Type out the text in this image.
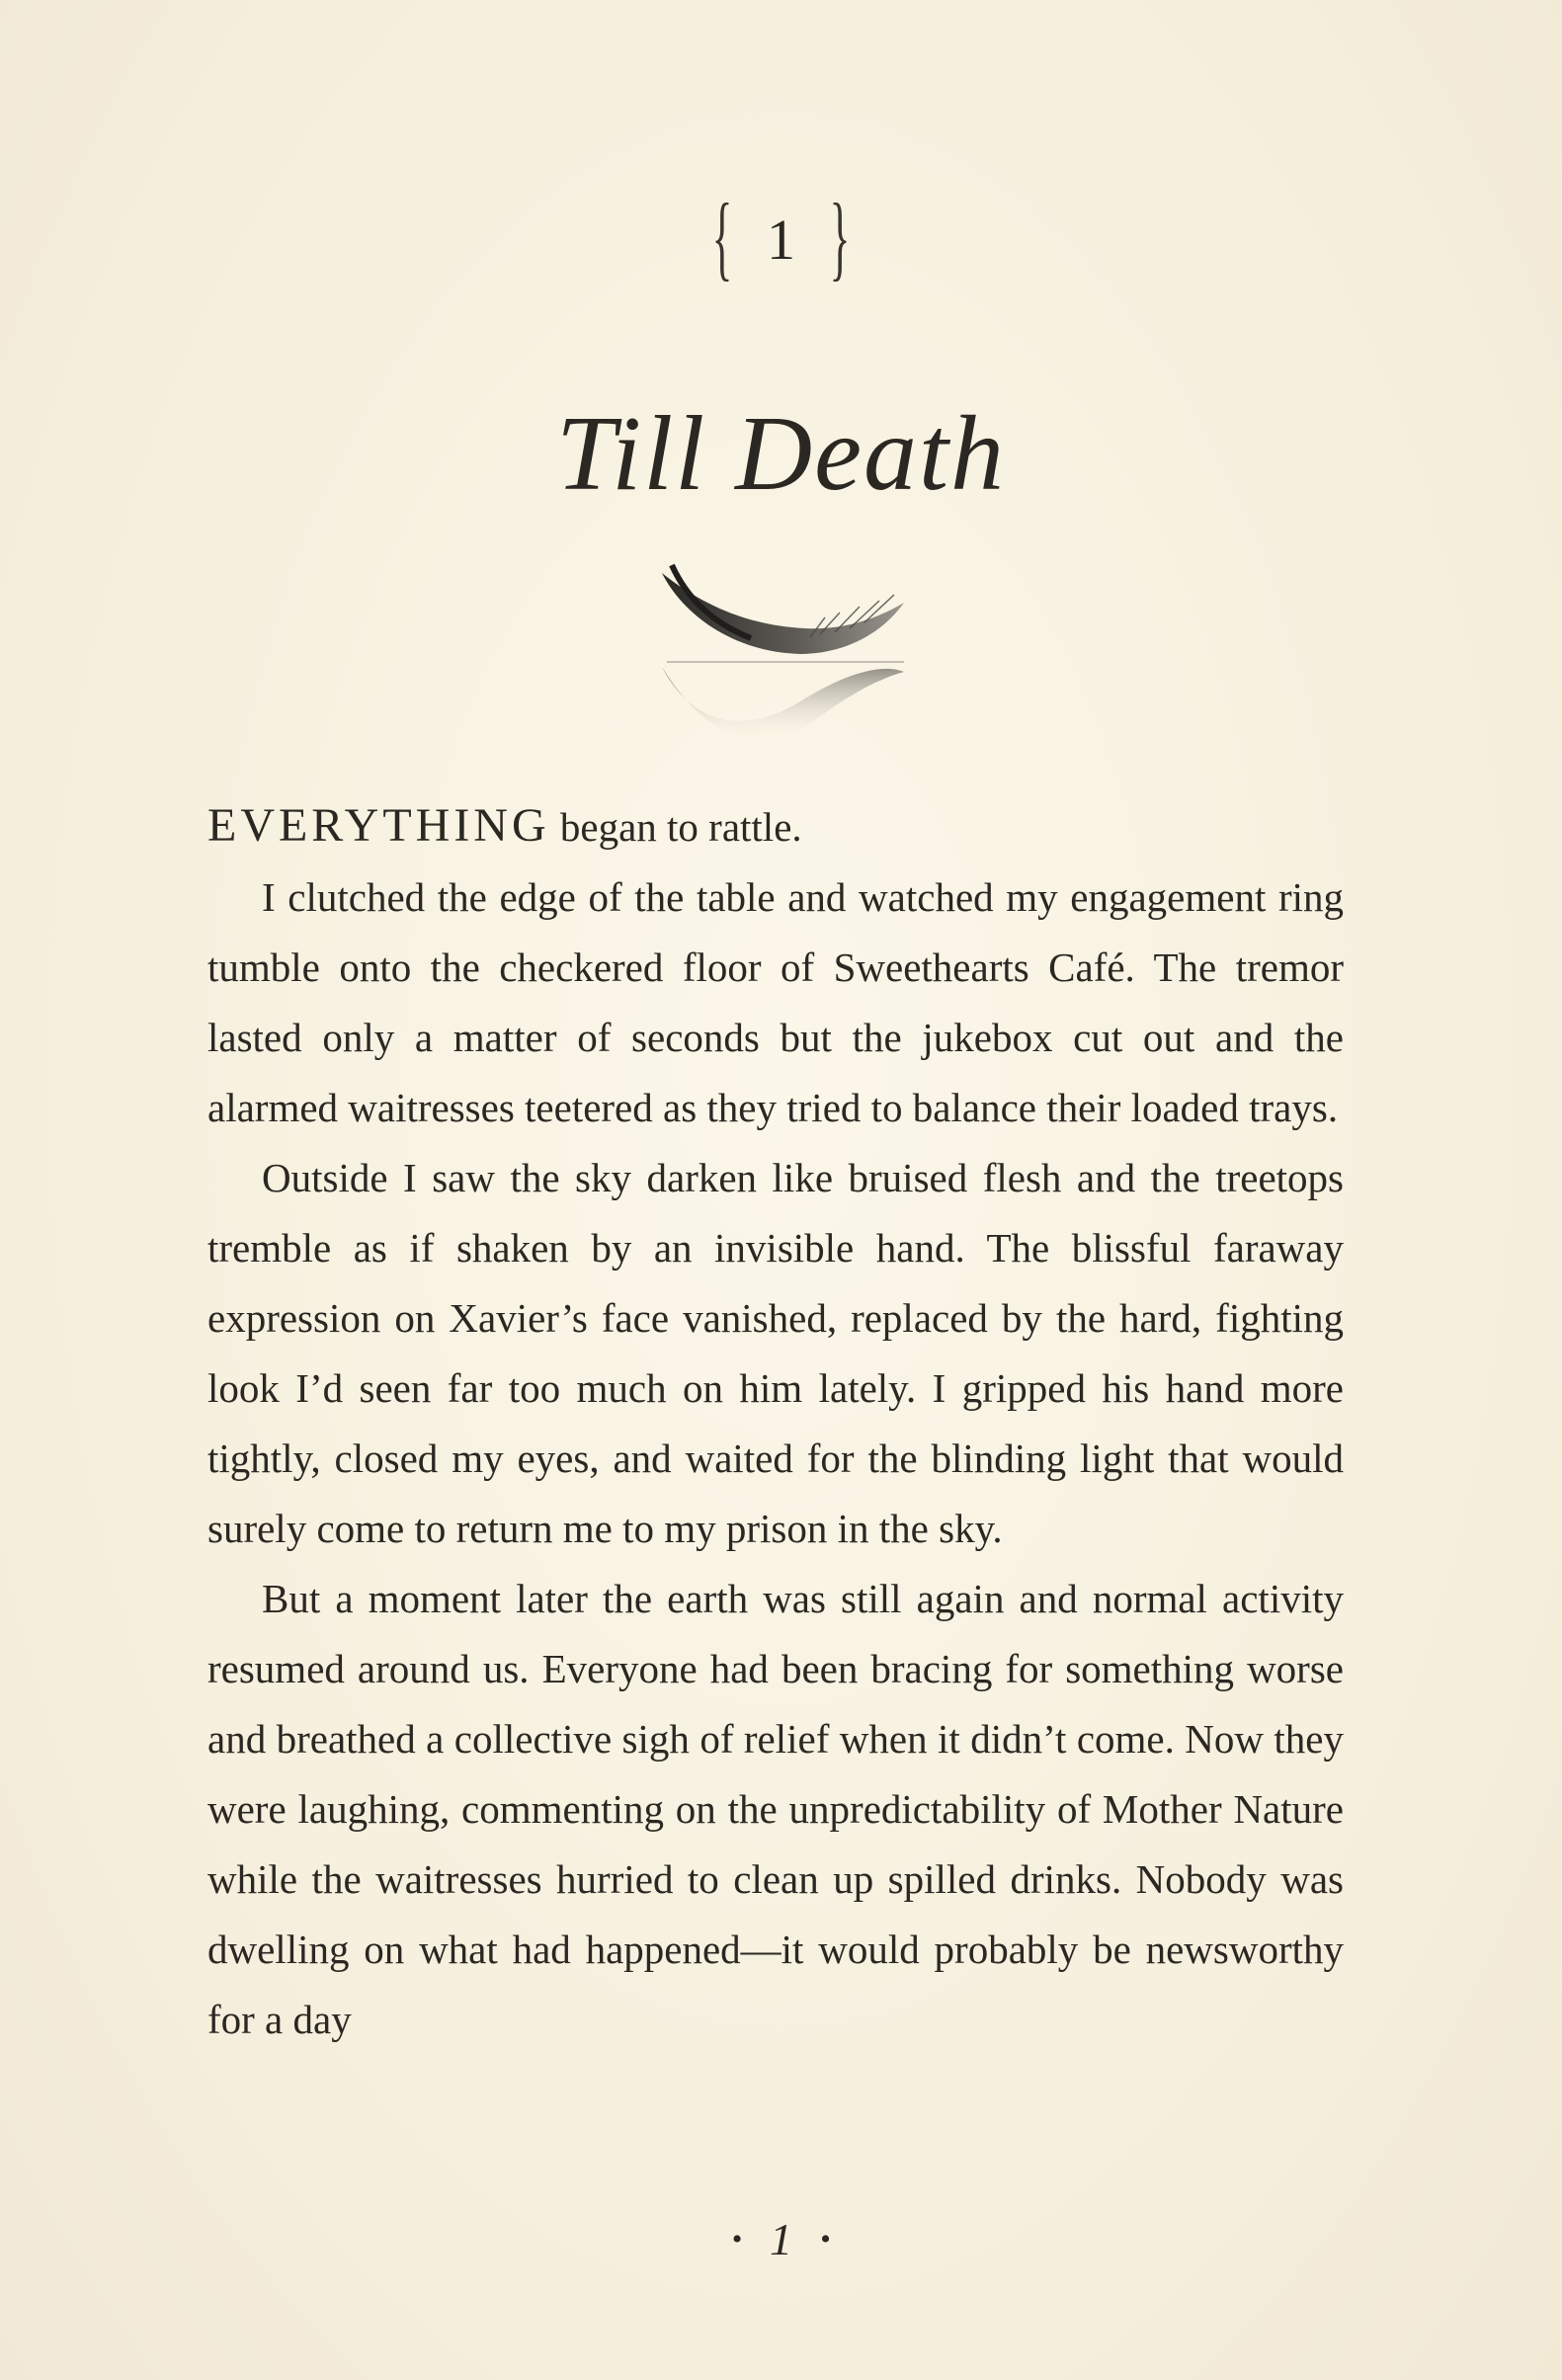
{ 1 }
Till Death

EVERYTHING began to rattle.

I clutched the edge of the table and watched my engagement ring tumble onto the checkered floor of Sweethearts Café. The tremor lasted only a matter of seconds but the jukebox cut out and the alarmed waitresses teetered as they tried to balance their loaded trays.

Outside I saw the sky darken like bruised flesh and the treetops tremble as if shaken by an invisible hand. The blissful faraway expression on Xavier’s face vanished, replaced by the hard, fighting look I’d seen far too much on him lately. I gripped his hand more tightly, closed my eyes, and waited for the blinding light that would surely come to return me to my prison in the sky.

But a moment later the earth was still again and normal activity resumed around us. Everyone had been bracing for something worse and breathed a collective sigh of relief when it didn’t come. Now they were laughing, commenting on the unpredictability of Mother Nature while the waitresses hurried to clean up spilled drinks. Nobody was dwelling on what had happened—it would probably be newsworthy for a day

• 1 •
